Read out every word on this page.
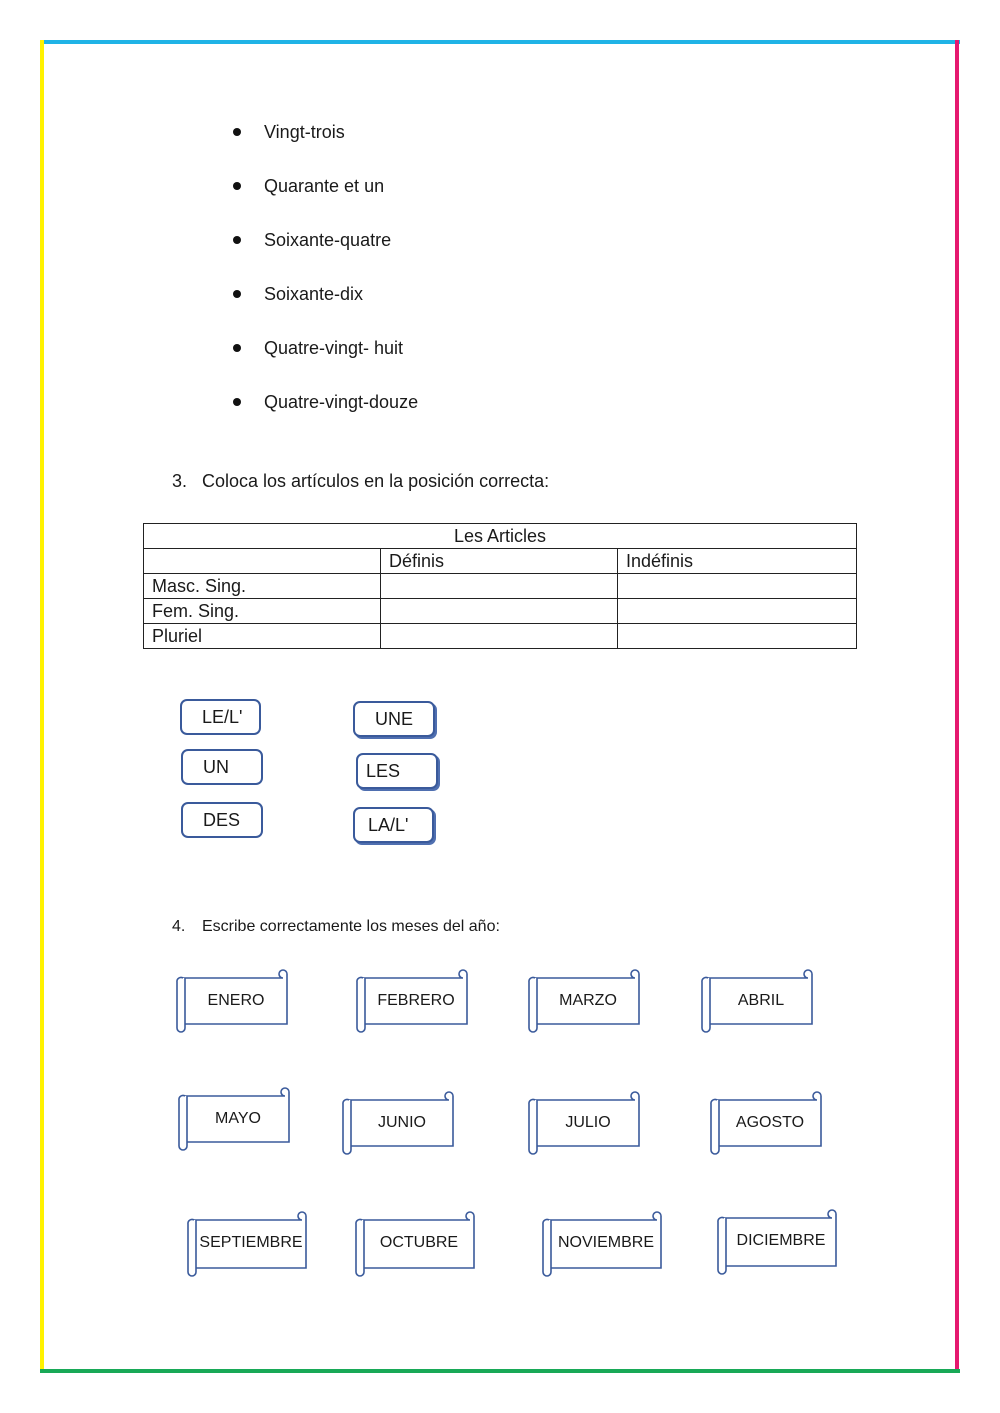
Vingt-trois
Quarante et un
Soixante-quatre
Soixante-dix
Quatre-vingt- huit
Quatre-vingt-douze
3. Coloca los artículos en la posición correcta:
Les Articles		
	Définis	Indéfinis
Masc. Sing.		
Fem. Sing.		
Pluriel		
LE/L'	UNE
UN	LES
DES	LA/L'
4. Escribe correctamente los meses del año:
ENERO	FEBRERO	MARZO	ABRIL
MAYO	JUNIO	JULIO	AGOSTO
SEPTIEMBRE	OCTUBRE	NOVIEMBRE	DICIEMBRE
